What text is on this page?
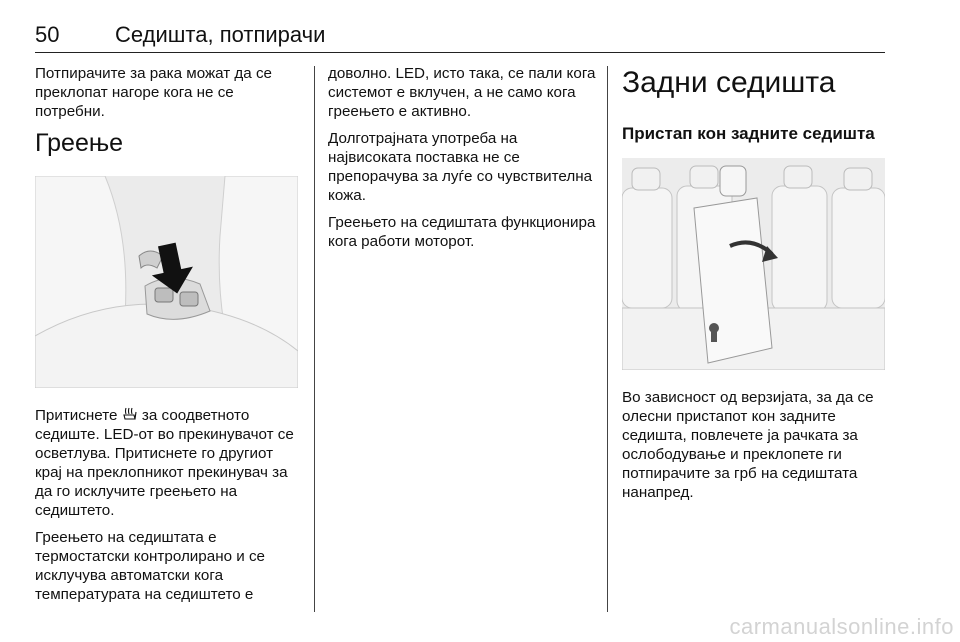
50	Седишта, потпирачи

Потпирачите за рака можат да се преклопат нагоре кога не се потребни.

Греење

Притиснете за соодветното седиште. LED-от во прекинувачот се осветлува. Притиснете го другиот крај на преклопникот прекинувач за да го исклучите греењето на седиштето.

Греењето на седиштата е термостатски контролирано и се исклучува автоматски кога температурата на седиштето е

доволно. LED, исто така, се пали кога системот е вклучен, а не само кога греењето е активно.

Долготрајната употреба на највисоката поставка не се препорачува за луѓе со чувствителна кожа.

Греењето на седиштата функционира кога работи моторот.

Задни седишта
Пристап кон задните седишта

Во зависност од верзијата, за да се олесни пристапот кон задните седишта, повлечете ја рачката за ослободување и преклопете ги потпирачите за грб на седиштата нанапред.

carmanualsonline.info
